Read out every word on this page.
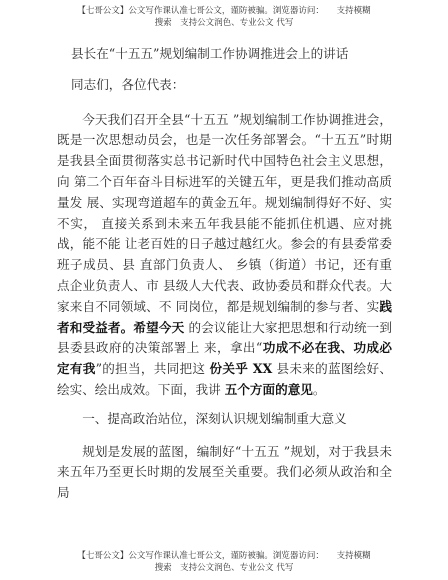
【七哥公文】公文写作课认准七哥公文，谨防被骗。浏览器访问：　　支持模糊
搜索　支持公文润色、专业公文 代写

县长在“十五五”规划编制工作协调推进会上的讲话

同志们，各位代表：

今天我们召开全县“十五五 ”规划编制工作协调推进会， 既是一次思想动员会，也是一次任务部署会。“十五五”时期 是我县全面贯彻落实总书记新时代中国特色社会主义思想，向 第二个百年奋斗目标进军的关键五年，更是我们推动高质量发 展、实现弯道超车的黄金五年。规划编制得好不好、实不实， 直接关系到未来五年我县能不能抓住机遇、应对挑战，能不能 让老百姓的日子越过越红火。参会的有县委常委班子成员、县 直部门负责人、 乡镇（街道）书记，还有重点企业负责人、市 县级人大代表、政协委员和群众代表。大家来自不同领域、不 同岗位，都是规划编制的参与者、实践者和受益者。希望今天 的会议能让大家把思想和行动统一到县委县政府的决策部署上 来，拿出“功成不必在我、功成必定有我”的担当，共同把这 份关乎 XX 县未来的蓝图绘好、绘实、绘出成效。下面，我讲 五个方面的意见。

一、提高政治站位，深刻认识规划编制重大意义

规划是发展的蓝图，编制好“十五五 ”规划，对于我县未 来五年乃至更长时期的发展至关重要。我们必须从政治和全局

【七哥公文】公文写作课认准七哥公文，谨防被骗。浏览器访问：　　支持模糊
搜索　支持公文润色、专业公文 代写
